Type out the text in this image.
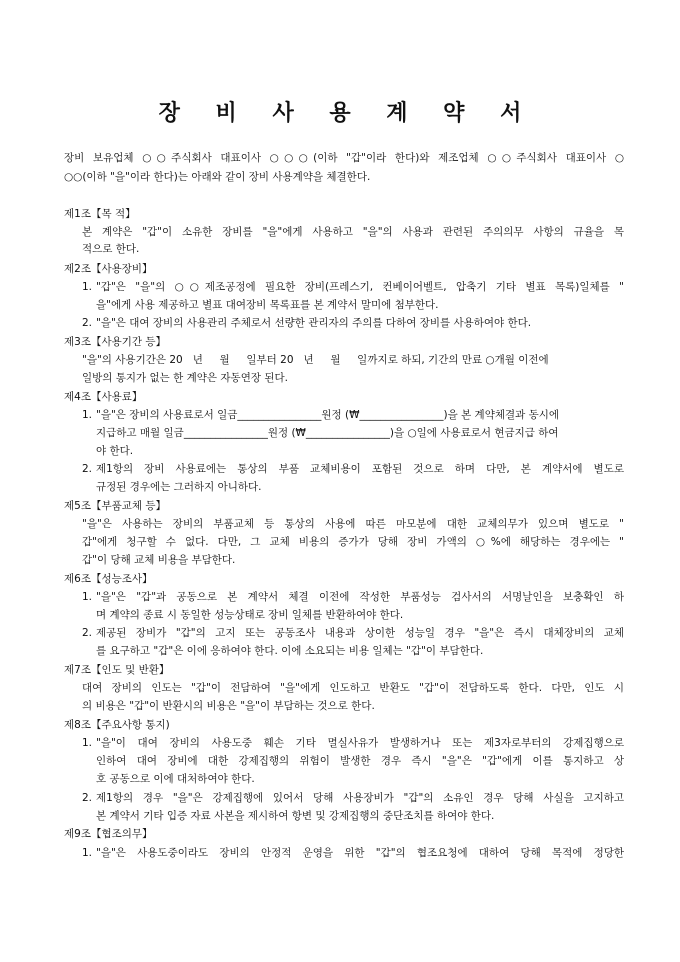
장 비 사 용 계 약 서
장비 보유업체 ○○주식회사 대표이사 ○○○(이하 "갑"이라 한다)와 제조업체 ○○주식회사 대표이사 ○
○○(이하 "을"이라 한다)는 아래와 같이 장비 사용계약을 체결한다.
제1조【목 적】
본 계약은 "갑"이 소유한 장비를 "을"에게 사용하고 "을"의 사용과 관련된 주의의무 사항의 규율을 목
적으로 한다.
제2조【사용장비】
1. "갑"은 "을"의 ○○제조공정에 필요한 장비(프레스기, 컨베이어벨트, 압축기 기타 별표 목록)일체를 "
을"에게 사용 제공하고 별표 대여장비 목록표를 본 계약서 말미에 첨부한다.
2. "을"은 대여 장비의 사용관리 주체로서 선량한 관리자의 주의를 다하여 장비를 사용하여야 한다.
제3조【사용기간 등】
"을"의 사용기간은 20   년     월     일부터 20   년     월     일까지로 하되, 기간의 만료 ○개월 이전에
일방의 통지가 없는 한 계약은 자동연장 된다.
제4조【사용료】
1. "을"은 장비의 사용료로서 일금________________원정 (₩________________)을 본 계약체결과 동시에
지급하고 매월 일금________________원정 (₩________________)을 ○일에 사용료로서 현금지급 하여
야 한다.
2. 제1항의 장비 사용료에는 통상의 부품 교체비용이 포함된 것으로 하며 다만, 본 계약서에 별도로
규정된 경우에는 그러하지 아니하다.
제5조【부품교체 등】
"을"은 사용하는 장비의 부품교체 등 통상의 사용에 따른 마모분에 대한 교체의무가 있으며 별도로 "
갑"에게 청구할 수 없다. 다만, 그 교체 비용의 증가가 당해 장비 가액의 ○%에 해당하는 경우에는 "
갑"이 당해 교체 비용을 부담한다.
제6조【성능조사】
1. "을"은 "갑"과 공동으로 본 계약서 체결 이전에 작성한 부품성능 검사서의 서명날인을 보충확인 하
며 계약의 종료 시 동일한 성능상태로 장비 일체를 반환하여야 한다.
2. 제공된 장비가 "갑"의 고지 또는 공동조사 내용과 상이한 성능일 경우 "을"은 즉시 대체장비의 교체
를 요구하고 "갑"은 이에 응하여야 한다. 이에 소요되는 비용 일체는 "갑"이 부담한다.
제7조【인도 및 반환】
대여 장비의 인도는 "갑"이 전담하여 "을"에게 인도하고 반환도 "갑"이 전담하도록 한다. 다만, 인도 시
의 비용은 "갑"이 반환시의 비용은 "을"이 부담하는 것으로 한다.
제8조【주요사항 통지)
1. "을"이 대여 장비의 사용도중 훼손 기타 멸실사유가 발생하거나 또는 제3자로부터의 강제집행으로
인하여 대여 장비에 대한 강제집행의 위험이 발생한 경우 즉시 "을"은 "갑"에게 이를 통지하고 상
호 공동으로 이에 대처하여야 한다.
2. 제1항의 경우 "을"은 강제집행에 있어서 당해 사용장비가 "갑"의 소유인 경우 당해 사실을 고지하고
본 계약서 기타 입증 자료 사본을 제시하여 항변 및 강제집행의 중단조치를 하여야 한다.
제9조【협조의무】
1. "을"은 사용도중이라도 장비의 안정적 운영을 위한 "갑"의 협조요청에 대하여 당해 목적에 정당한
